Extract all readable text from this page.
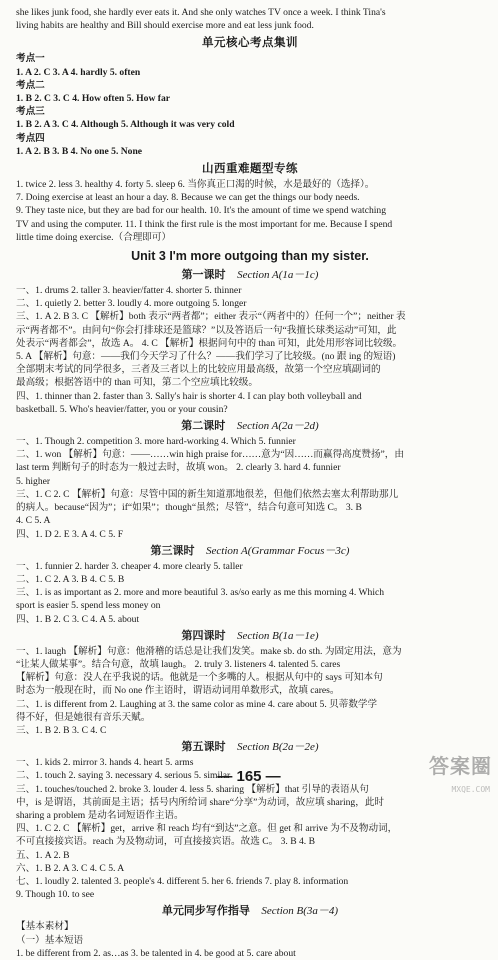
she likes junk food, she hardly ever eats it. And she only watches TV once a week. I think Tina's
living habits are healthy and Bill should exercise more and eat less junk food.
单元核心考点集训
考点一
1. A 2. C 3. A 4. hardly 5. often
考点二
1. B 2. C 3. C 4. How often 5. How far
考点三
1. B 2. A 3. C 4. Although 5. Although it was very cold
考点四
1. A 2. B 3. B 4. No one 5. None
山西重难题型专练
1. twice 2. less 3. healthy 4. forty 5. sleep 6. 当你真正口渴的时候，水是最好的（选择）。
7. Doing exercise at least an hour a day. 8. Because we can get the things our body needs.
9. They taste nice, but they are bad for our health. 10. It's the amount of time we spend watching
TV and using the computer. 11. I think the first rule is the most important for me. Because I spend
little time doing exercise.（合理即可）
Unit 3 I'm more outgoing than my sister.
第一课时 Section A(1a－1c)
一、1. drums 2. taller 3. heavier/fatter 4. shorter 5. thinner
二、1. quietly 2. better 3. loudly 4. more outgoing 5. longer
三、1. A 2. B 3. C 【解析】both 表示“两者都”；either 表示“（两者中的）任何一个”；neither 表
示“两者都不”。由问句“你会打排球还是篮球？”以及答语后一句“我擅长球类运动”可知，此
处表示“两者都会”，故选 A。 4. C 【解析】根据问句中的 than 可知，此处用形容词比较级。
5. A 【解析】句意：——我们今天学习了什么？——我们学习了比较级。(no 跟 ing 的短语)
全部期末考试的同学很多，三者及三者以上的比较应用最高级，故第一个空应填副词的
最高级；根据答语中的 than 可知，第二个空应填比较级。
四、1. thinner than 2. faster than 3. Sally's hair is shorter 4. I can play both volleyball and
basketball. 5. Who's heavier/fatter, you or your cousin?
第二课时 Section A(2a－2d)
一、1. Though 2. competition 3. more hard-working 4. Which 5. funnier
二、1. won 【解析】句意：——……win high praise for……意为“因……而赢得高度赞扬”，由
last term 判断句子的时态为一般过去时，故填 won。 2. clearly 3. hard 4. funnier
5. higher
三、1. C 2. C 【解析】句意：尽管中国的新生知道那地很差，但他们依然去塞太利帮助那儿
的病人。because“因为”；if“如果”；though“虽然；尽管”，结合句意可知选 C。 3. B
4. C 5. A
四、1. D 2. E 3. A 4. C 5. F
第三课时 Section A(Grammar Focus－3c)
一、1. funnier 2. harder 3. cheaper 4. more clearly 5. taller
二、1. C 2. A 3. B 4. C 5. B
三、1. is as important as 2. more and more beautiful 3. as/so early as me this morning 4. Which
sport is easier 5. spend less money on
四、1. B 2. C 3. C 4. A 5. about
第四课时 Section B(1a－1e)
一、1. laugh 【解析】句意：他滑稽的话总是让我们发笑。make sb. do sth. 为固定用法，意为
“让某人做某事”。结合句意，故填 laugh。 2. truly 3. listeners 4. talented 5. cares
【解析】句意：没人在乎我说的话。他就是一个多嘴的人。根据从句中的 says 可知本句
时态为一般现在时，而 No one 作主语时，谓语动词用单数形式，故填 cares。
二、1. is different from 2. Laughing at 3. the same color as mine 4. care about 5. 贝蒂数学学
得不好，但是她很有音乐天赋。
三、1. B 2. B 3. C 4. C
第五课时 Section B(2a－2e)
一、1. kids 2. mirror 3. hands 4. heart 5. arms
二、1. touch 2. saying 3. necessary 4. serious 5. similar
三、1. touches/touched 2. broke 3. louder 4. less 5. sharing 【解析】that 引导的表语从句
中，is 是谓语，其前面是主语；括号内所给词 share“分享”为动词，故应填 sharing，此时
sharing a problem 是动名词短语作主语。
四、1. C 2. C 【解析】get，arrive 和 reach 均有“到达”之意。但 get 和 arrive 为不及物动词，
不可直接接宾语。reach 为及物动词，可直接接宾语。故选 C。 3. B 4. B
五、1. A 2. B
六、1. B 2. A 3. C 4. C 5. A
七、1. loudly 2. talented 3. people's 4. different 5. her 6. friends 7. play 8. information
9. Though 10. to see
单元同步写作指导 Section B(3a－4)
【基本素材】
（一）基本短语
1. be different from 2. as…as 3. be talented in 4. be good at 5. care about
— 165 —	答案圈
MXQE.COM
